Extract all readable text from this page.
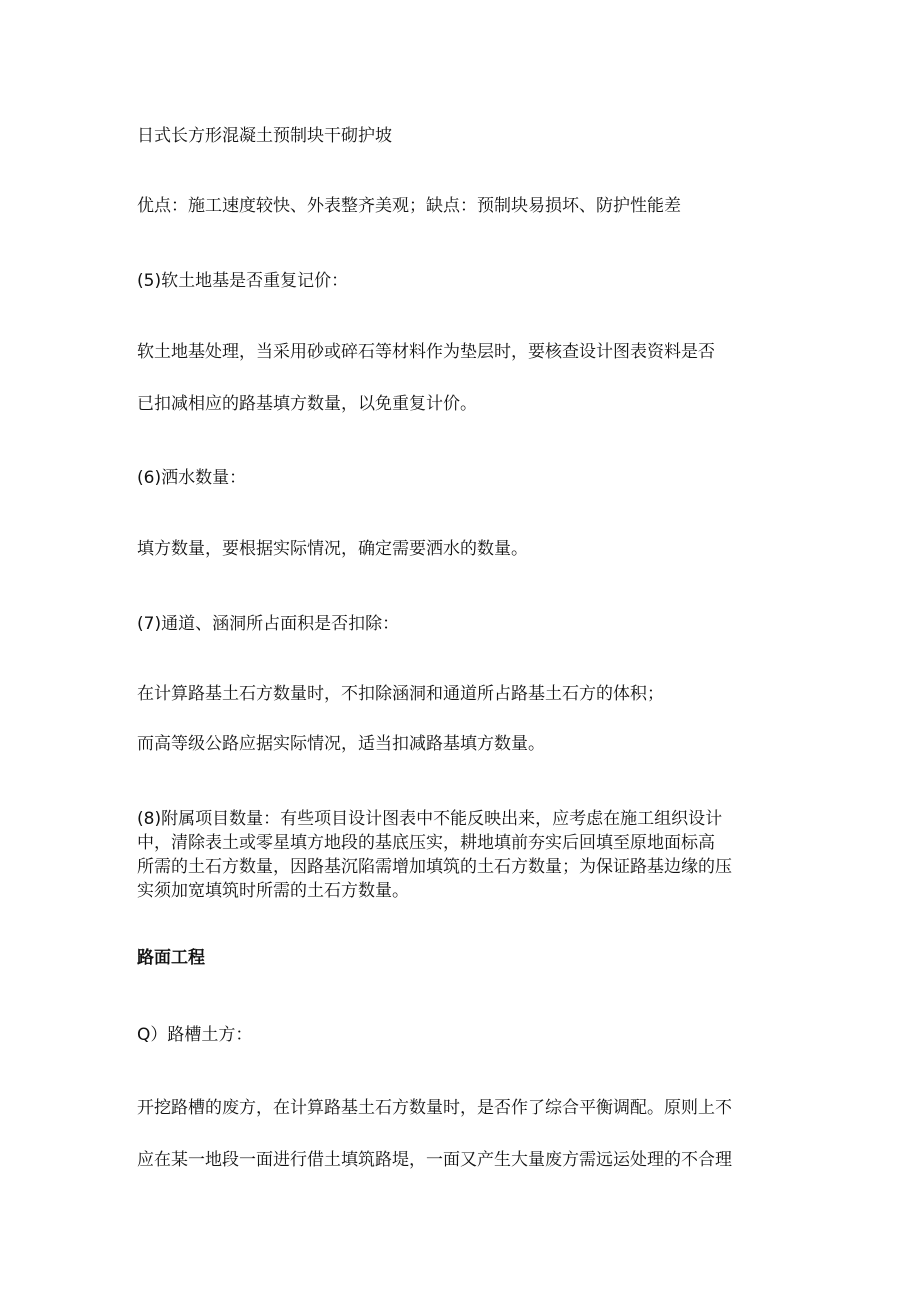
日式长方形混凝土预制块干砌护坡

优点：施工速度较快、外表整齐美观；缺点：预制块易损坏、防护性能差

(5)软土地基是否重复记价：

软土地基处理，当采用砂或碎石等材料作为垫层时，要核查设计图表资料是否

已扣减相应的路基填方数量，以免重复计价。

(6)洒水数量：

填方数量，要根据实际情况，确定需要洒水的数量。

(7)通道、涵洞所占面积是否扣除：

在计算路基土石方数量时，不扣除涵洞和通道所占路基土石方的体积；

而高等级公路应据实际情况，适当扣减路基填方数量。

(8)附属项目数量：有些项目设计图表中不能反映出来，应考虑在施工组织设计

中，清除表土或零星填方地段的基底压实，耕地填前夯实后回填至原地面标高

所需的土石方数量，因路基沉陷需增加填筑的土石方数量；为保证路基边缘的压

实须加宽填筑时所需的土石方数量。

路面工程

Q）路槽土方：

开挖路槽的废方，在计算路基土石方数量时，是否作了综合平衡调配。原则上不

应在某一地段一面进行借土填筑路堤，一面又产生大量废方需远运处理的不合理
